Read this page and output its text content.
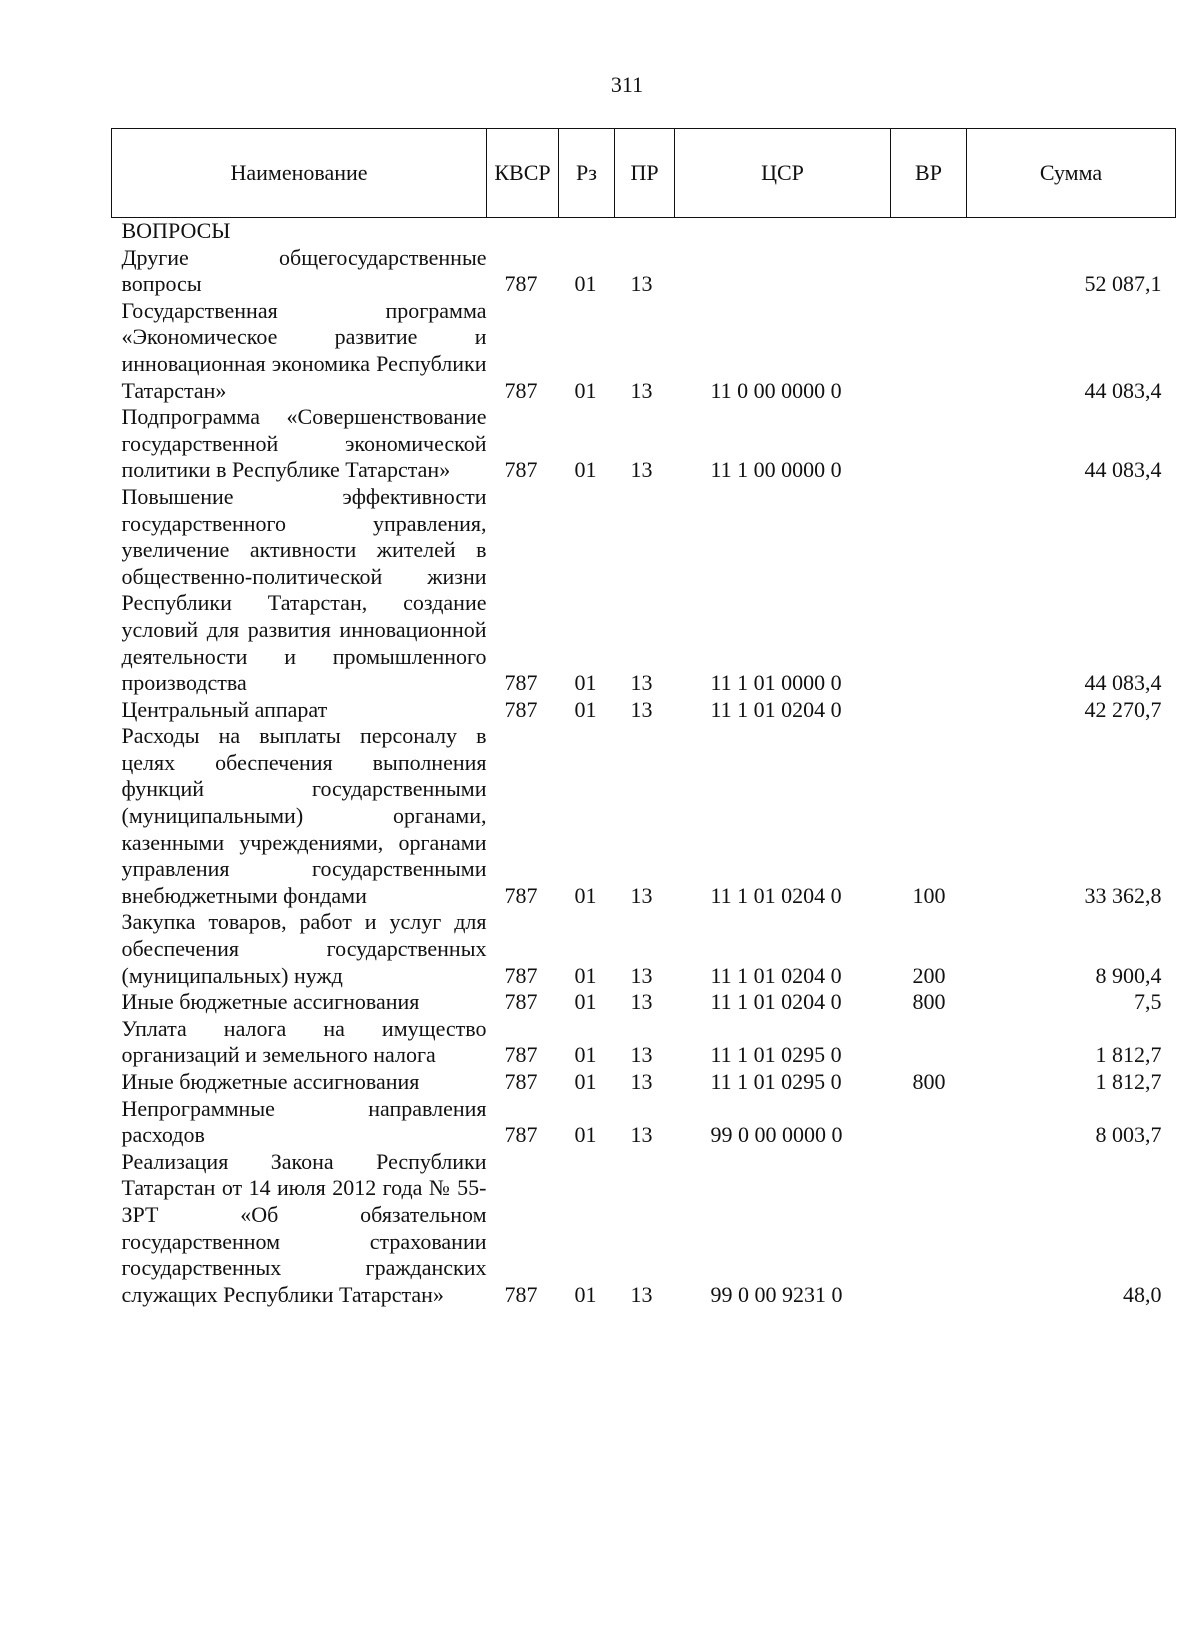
311
Наименование	КВСР	Рз	ПР	ЦСР	ВР	Сумма
ВОПРОСЫ						
Другие общегосударственные вопросы	787	01	13			52 087,1
Государственная программа «Экономическое развитие и инновационная экономика Республики Татарстан»	787	01	13	11 0 00 0000 0		44 083,4
Подпрограмма «Совершенствование государственной экономической политики в Республике Татарстан»	787	01	13	11 1 00 0000 0		44 083,4
Повышение эффективности государственного управления, увеличение активности жителей в общественно-политической жизни Республики Татарстан, создание условий для развития инновационной деятельности и промышленного производства	787	01	13	11 1 01 0000 0		44 083,4
Центральный аппарат	787	01	13	11 1 01 0204 0		42 270,7
Расходы на выплаты персоналу в целях обеспечения выполнения функций государственными (муниципальными) органами, казенными учреждениями, органами управления государственными внебюджетными фондами	787	01	13	11 1 01 0204 0	100	33 362,8
Закупка товаров, работ и услуг для обеспечения государственных (муниципальных) нужд	787	01	13	11 1 01 0204 0	200	8 900,4
Иные бюджетные ассигнования	787	01	13	11 1 01 0204 0	800	7,5
Уплата налога на имущество организаций и земельного налога	787	01	13	11 1 01 0295 0		1 812,7
Иные бюджетные ассигнования	787	01	13	11 1 01 0295 0	800	1 812,7
Непрограммные направления расходов	787	01	13	99 0 00 0000 0		8 003,7
Реализация Закона Республики Татарстан от 14 июля 2012 года № 55-ЗРТ «Об обязательном государственном страховании государственных гражданских служащих Республики Татарстан»	787	01	13	99 0 00 9231 0		48,0
